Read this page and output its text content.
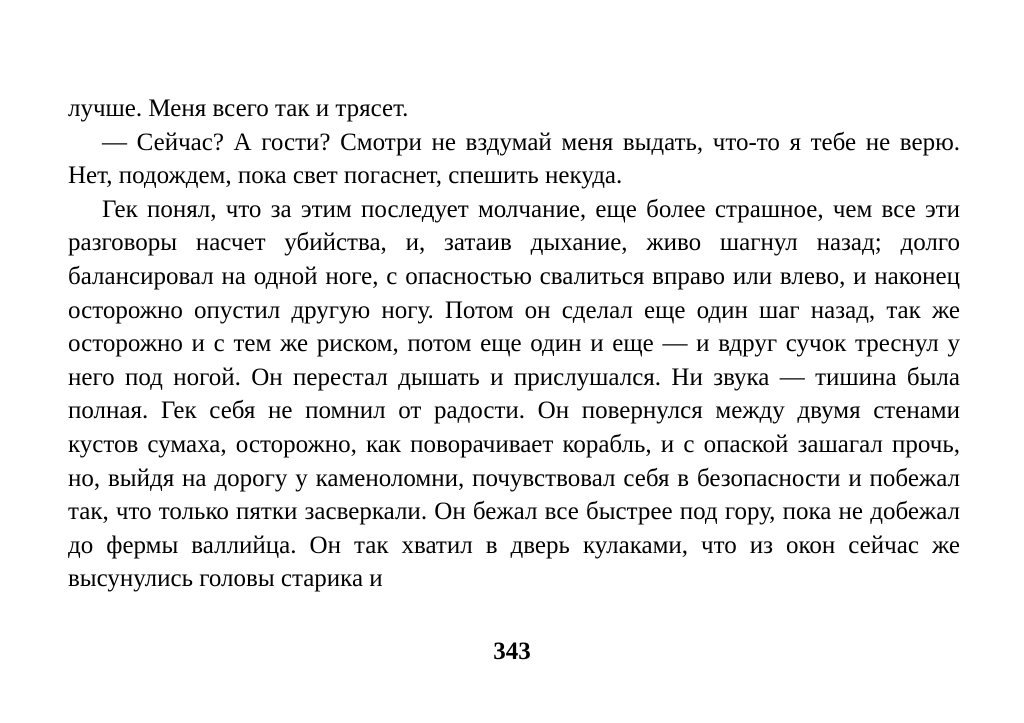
лучше. Меня всего так и трясет.

— Сейчас? А гости? Смотри не вздумай меня выдать, что-то я тебе не верю. Нет, подождем, пока свет погаснет, спешить некуда.

Гек понял, что за этим последует молчание, еще более страшное, чем все эти разговоры насчет убийства, и, затаив дыхание, живо шагнул назад; долго балансировал на одной ноге, с опасностью свалиться вправо или влево, и наконец осторожно опустил другую ногу. Потом он сделал еще один шаг назад, так же осторожно и с тем же риском, потом еще один и еще — и вдруг сучок треснул у него под ногой. Он перестал дышать и прислушался. Ни звука — тишина была полная. Гек себя не помнил от радости. Он повернулся между двумя стенами кустов сумаха, осторожно, как поворачивает корабль, и с опаской зашагал прочь, но, выйдя на дорогу у каменоломни, почувствовал себя в безопасности и побежал так, что только пятки засверкали. Он бежал все быстрее под гору, пока не добежал до фермы валлийца. Он так хватил в дверь кулаками, что из окон сейчас же высунулись головы старика и

343
